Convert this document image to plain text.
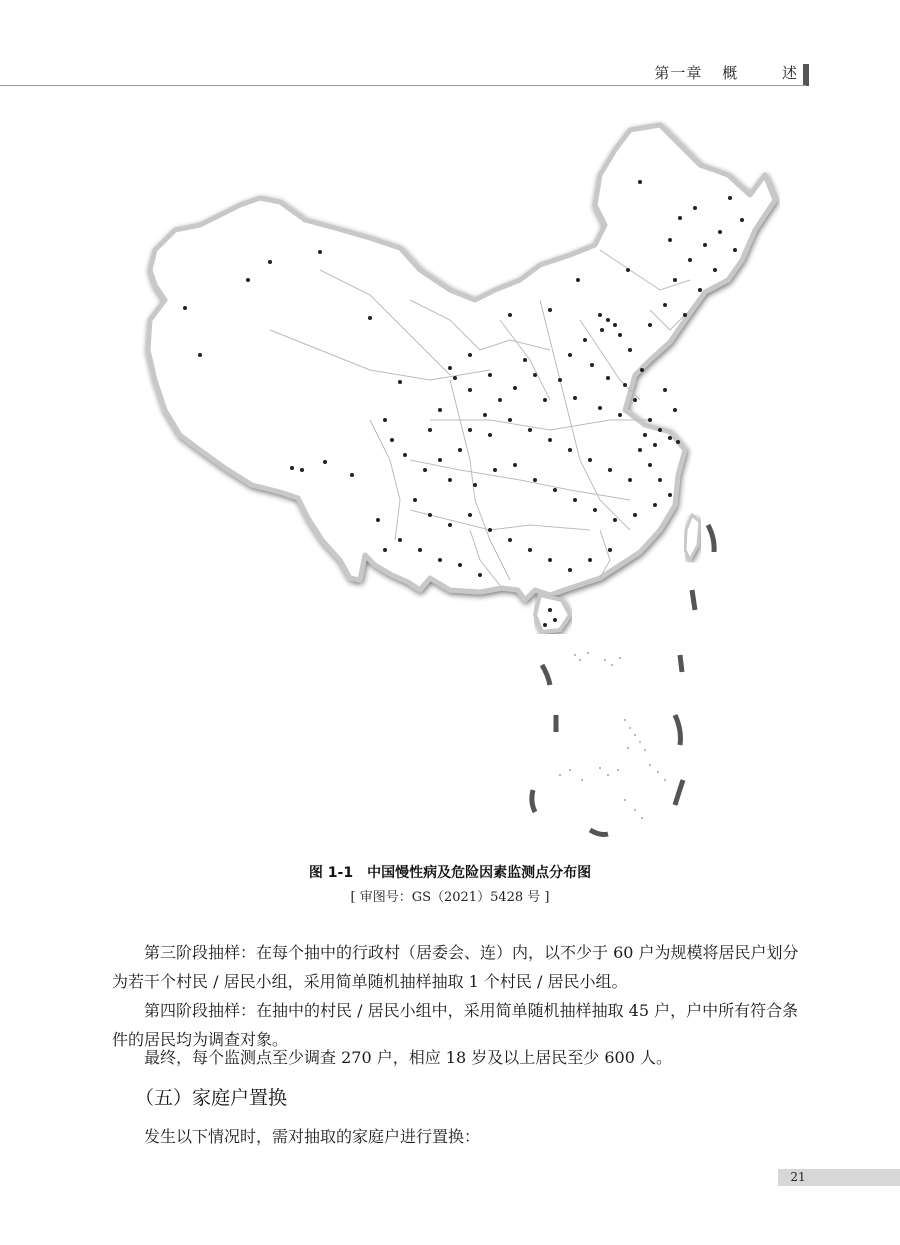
第一章 概	述
图 1-1 中国慢性病及危险因素监测点分布图
[ 审图号：GS（2021）5428 号 ]
第三阶段抽样：在每个抽中的行政村（居委会、连）内，以不少于 60 户为规模将居民户划分为若干个村民 / 居民小组，采用简单随机抽样抽取 1 个村民 / 居民小组。
第四阶段抽样：在抽中的村民 / 居民小组中，采用简单随机抽样抽取 45 户，户中所有符合条件的居民均为调查对象。
最终，每个监测点至少调查 270 户，相应 18 岁及以上居民至少 600 人。
（五）家庭户置换
发生以下情况时，需对抽取的家庭户进行置换：
21
